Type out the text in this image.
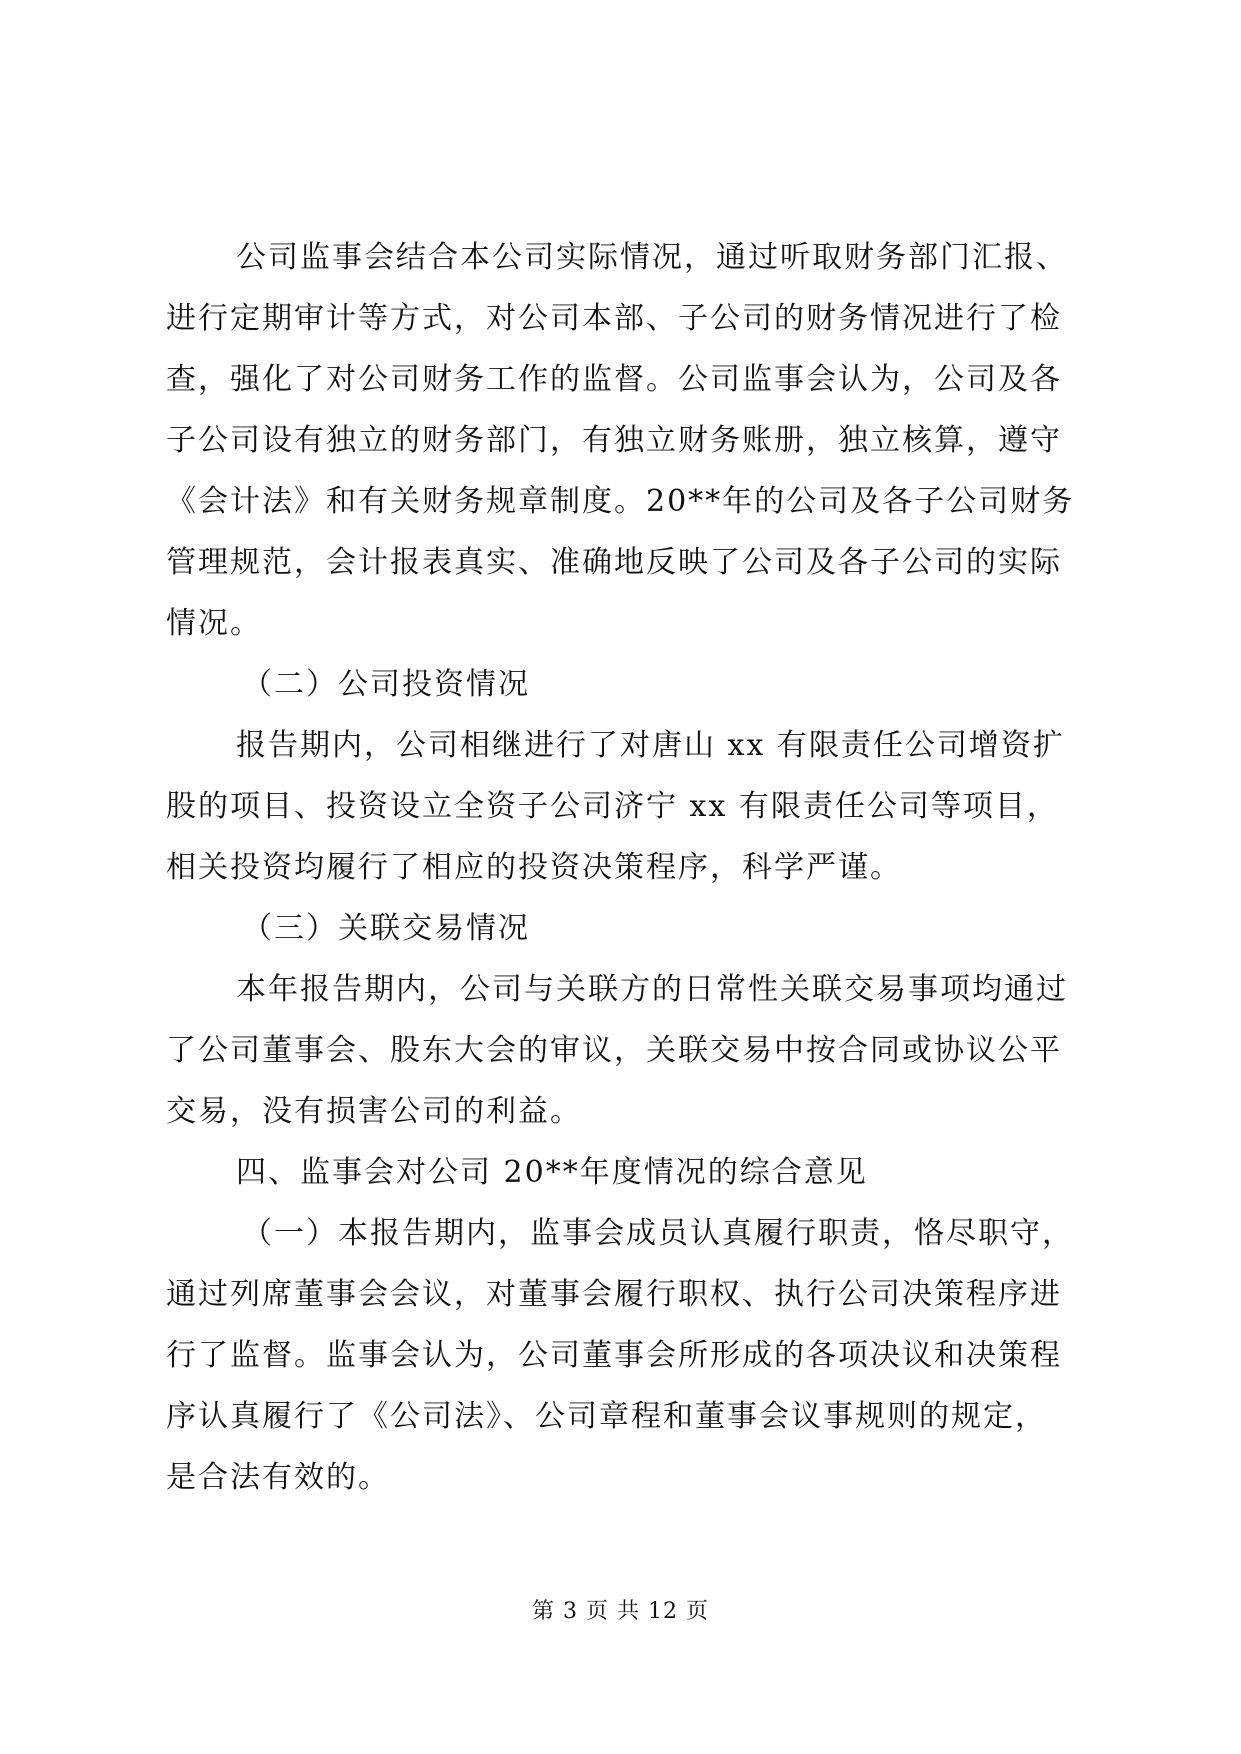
公司监事会结合本公司实际情况，通过听取财务部门汇报、
进行定期审计等方式，对公司本部、子公司的财务情况进行了检
查，强化了对公司财务工作的监督。公司监事会认为，公司及各
子公司设有独立的财务部门，有独立财务账册，独立核算，遵守
《会计法》和有关财务规章制度。20**年的公司及各子公司财务
管理规范，会计报表真实、准确地反映了公司及各子公司的实际
情况。
（二）公司投资情况
报告期内，公司相继进行了对唐山 xx 有限责任公司增资扩
股的项目、投资设立全资子公司济宁 xx 有限责任公司等项目，
相关投资均履行了相应的投资决策程序，科学严谨。
（三）关联交易情况
本年报告期内，公司与关联方的日常性关联交易事项均通过
了公司董事会、股东大会的审议，关联交易中按合同或协议公平
交易，没有损害公司的利益。
四、监事会对公司 20**年度情况的综合意见
（一）本报告期内，监事会成员认真履行职责，恪尽职守，
通过列席董事会会议，对董事会履行职权、执行公司决策程序进
行了监督。监事会认为，公司董事会所形成的各项决议和决策程
序认真履行了《公司法》、公司章程和董事会议事规则的规定，
是合法有效的。
第 3 页 共 12 页
